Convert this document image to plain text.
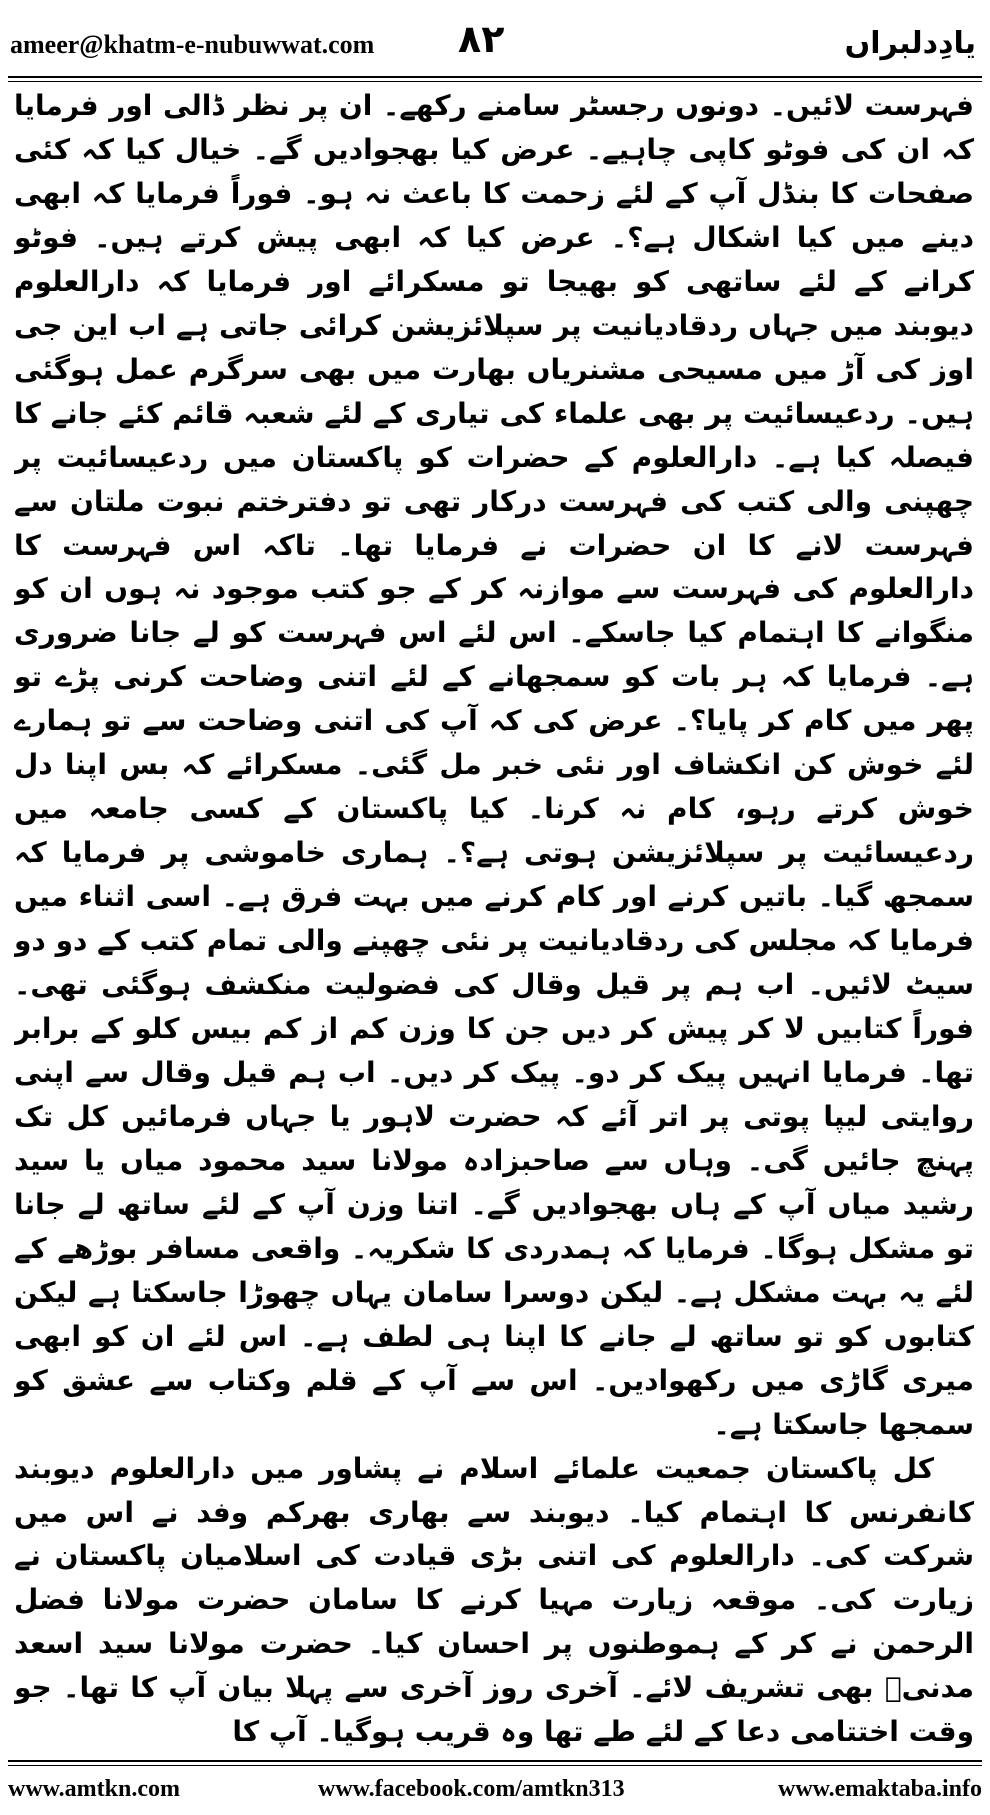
ameer@khatm-e-nubuwwat.com ۸۲	یادِدلبراں

فہرست لائیں۔ دونوں رجسٹر سامنے رکھے۔ ان پر نظر ڈالی اور فرمایا کہ ان کی فوٹو کاپی چاہیے۔ عرض کیا بھجوادیں گے۔ خیال کیا کہ کئی صفحات کا بنڈل آپ کے لئے زحمت کا باعث نہ ہو۔ فوراً فرمایا کہ ابھی دینے میں کیا اشکال ہے؟۔ عرض کیا کہ ابھی پیش کرتے ہیں۔ فوٹو کرانے کے لئے ساتھی کو بھیجا تو مسکرائے اور فرمایا کہ دارالعلوم دیوبند میں جہاں ردقادیانیت پر سپلائزیشن کرائی جاتی ہے اب این جی اوز کی آڑ میں مسیحی مشنریاں بھارت میں بھی سرگرم عمل ہوگئی ہیں۔ ردعیسائیت پر بھی علماء کی تیاری کے لئے شعبہ قائم کئے جانے کا فیصلہ کیا ہے۔ دارالعلوم کے حضرات کو پاکستان میں ردعیسائیت پر چھپنی والی کتب کی فہرست درکار تھی تو دفترختم نبوت ملتان سے فہرست لانے کا ان حضرات نے فرمایا تھا۔ تاکہ اس فہرست کا دارالعلوم کی فہرست سے موازنہ کر کے جو کتب موجود نہ ہوں ان کو منگوانے کا اہتمام کیا جاسکے۔ اس لئے اس فہرست کو لے جانا ضروری ہے۔ فرمایا کہ ہر بات کو سمجھانے کے لئے اتنی وضاحت کرنی پڑے تو پھر میں کام کر پایا؟۔ عرض کی کہ آپ کی اتنی وضاحت سے تو ہمارے لئے خوش کن انکشاف اور نئی خبر مل گئی۔ مسکرائے کہ بس اپنا دل خوش کرتے رہو، کام نہ کرنا۔ کیا پاکستان کے کسی جامعہ میں ردعیسائیت پر سپلائزیشن ہوتی ہے؟۔ ہماری خاموشی پر فرمایا کہ سمجھ گیا۔ باتیں کرنے اور کام کرنے میں بہت فرق ہے۔ اسی اثناء میں فرمایا کہ مجلس کی ردقادیانیت پر نئی چھپنے والی تمام کتب کے دو دو سیٹ لائیں۔ اب ہم پر قیل وقال کی فضولیت منکشف ہوگئی تھی۔ فوراً کتابیں لا کر پیش کر دیں جن کا وزن کم از کم بیس کلو کے برابر تھا۔ فرمایا انہیں پیک کر دو۔ پیک کر دیں۔ اب ہم قیل وقال سے اپنی روایتی لیپا پوتی پر اتر آئے کہ حضرت لاہور یا جہاں فرمائیں کل تک پہنچ جائیں گی۔ وہاں سے صاحبزادہ مولانا سید محمود میاں یا سید رشید میاں آپ کے ہاں بھجوادیں گے۔ اتنا وزن آپ کے لئے ساتھ لے جانا تو مشکل ہوگا۔ فرمایا کہ ہمدردی کا شکریہ۔ واقعی مسافر بوڑھے کے لئے یہ بہت مشکل ہے۔ لیکن دوسرا سامان یہاں چھوڑا جاسکتا ہے لیکن کتابوں کو تو ساتھ لے جانے کا اپنا ہی لطف ہے۔ اس لئے ان کو ابھی میری گاڑی میں رکھوادیں۔ اس سے آپ کے قلم وکتاب سے عشق کو سمجھا جاسکتا ہے۔

کل پاکستان جمعیت علمائے اسلام نے پشاور میں دارالعلوم دیوبند کانفرنس کا اہتمام کیا۔ دیوبند سے بھاری بھرکم وفد نے اس میں شرکت کی۔ دارالعلوم کی اتنی بڑی قیادت کی اسلامیان پاکستان نے زیارت کی۔ موقعہ زیارت مہیا کرنے کا سامان حضرت مولانا فضل الرحمن نے کر کے ہموطنوں پر احسان کیا۔ حضرت مولانا سید اسعد مدنیؒ بھی تشریف لائے۔ آخری روز آخری سے پہلا بیان آپ کا تھا۔ جو وقت اختتامی دعا کے لئے طے تھا وہ قریب ہوگیا۔ آپ کا

www.amtkn.com	www.facebook.com/amtkn313	www.emaktaba.info
